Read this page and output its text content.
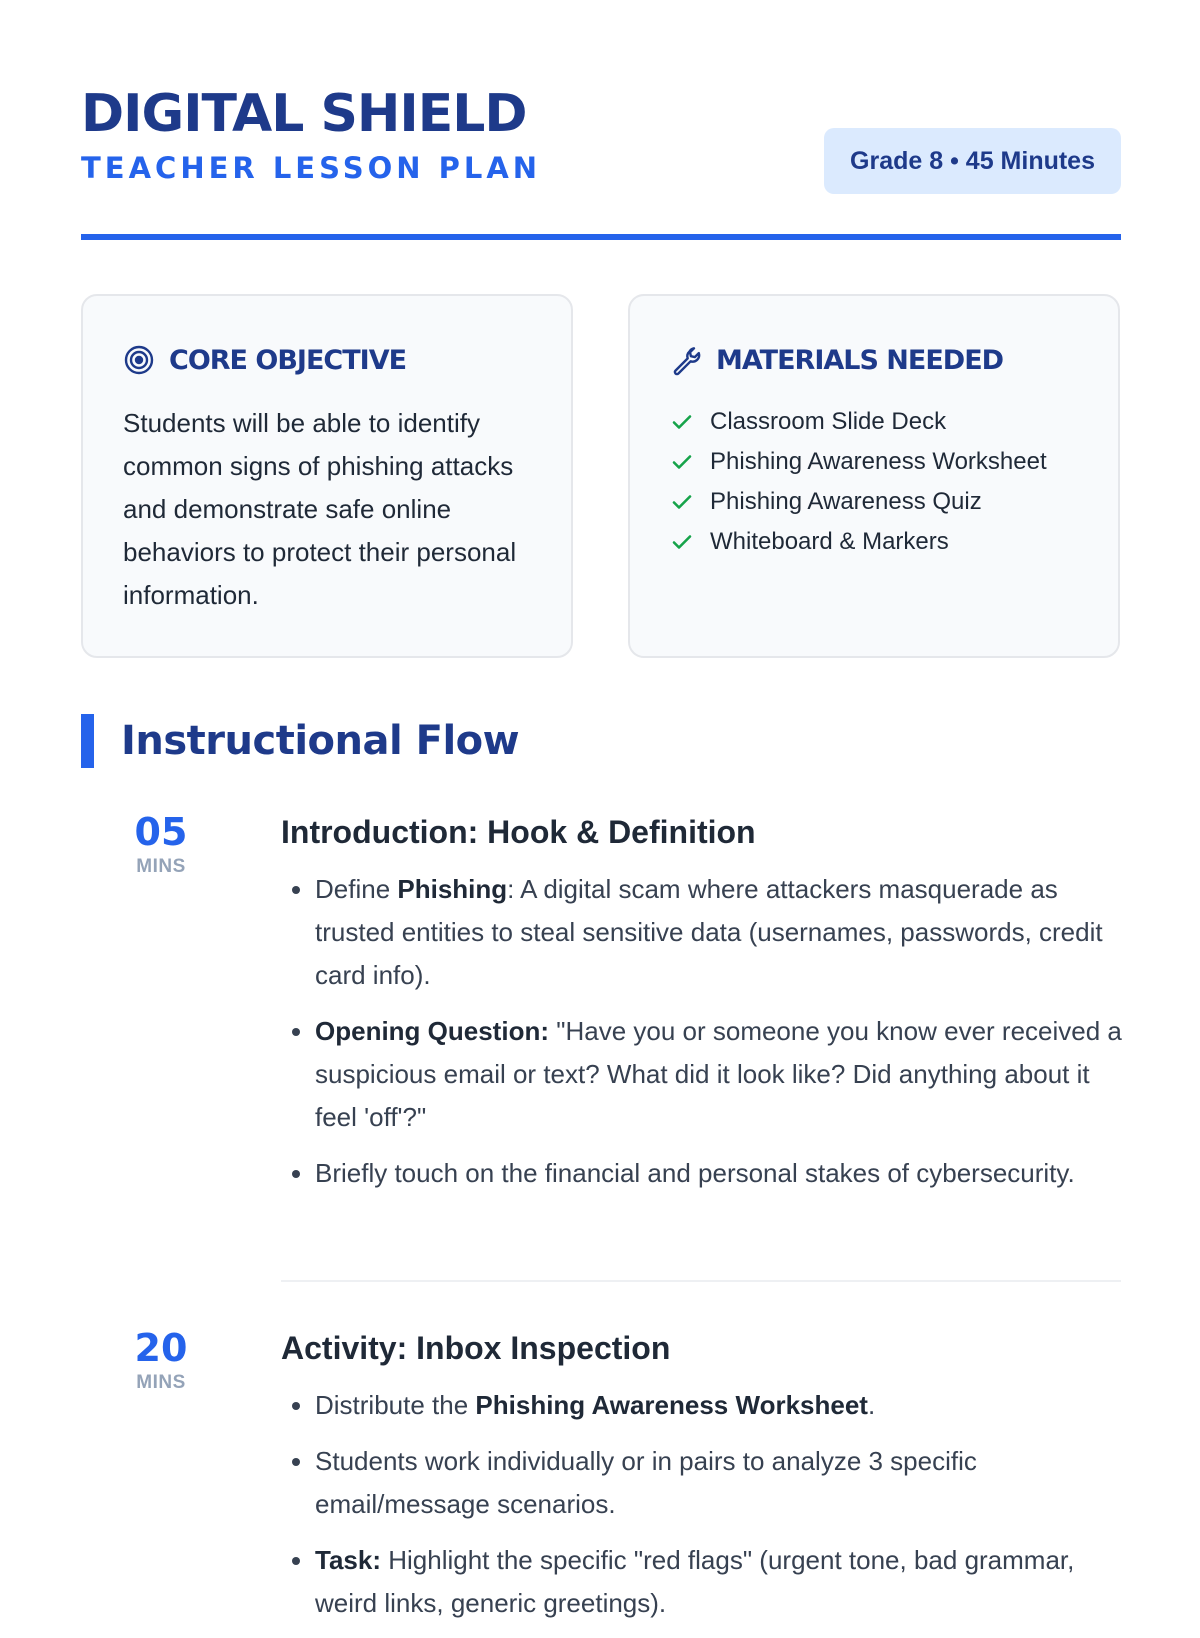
DIGITAL SHIELD
TEACHER LESSON PLAN	Grade 8 • 45 Minutes
CORE OBJECTIVE

Students will be able to identify common signs of phishing attacks and demonstrate safe online behaviors to protect their personal information.

MATERIALS NEEDED
Classroom Slide Deck
Phishing Awareness Worksheet
Phishing Awareness Quiz
Whiteboard & Markers
Instructional Flow
05
MINS
Introduction: Hook & Definition
• Define Phishing: A digital scam where attackers masquerade as trusted entities to steal sensitive data (usernames, passwords, credit card info).
• Opening Question: "Have you or someone you know ever received a suspicious email or text? What did it look like? Did anything about it feel 'off'?"
• Briefly touch on the financial and personal stakes of cybersecurity.
20
MINS
Activity: Inbox Inspection
• Distribute the Phishing Awareness Worksheet.
• Students work individually or in pairs to analyze 3 specific email/message scenarios.
• Task: Highlight the specific "red flags" (urgent tone, bad grammar, weird links, generic greetings).
